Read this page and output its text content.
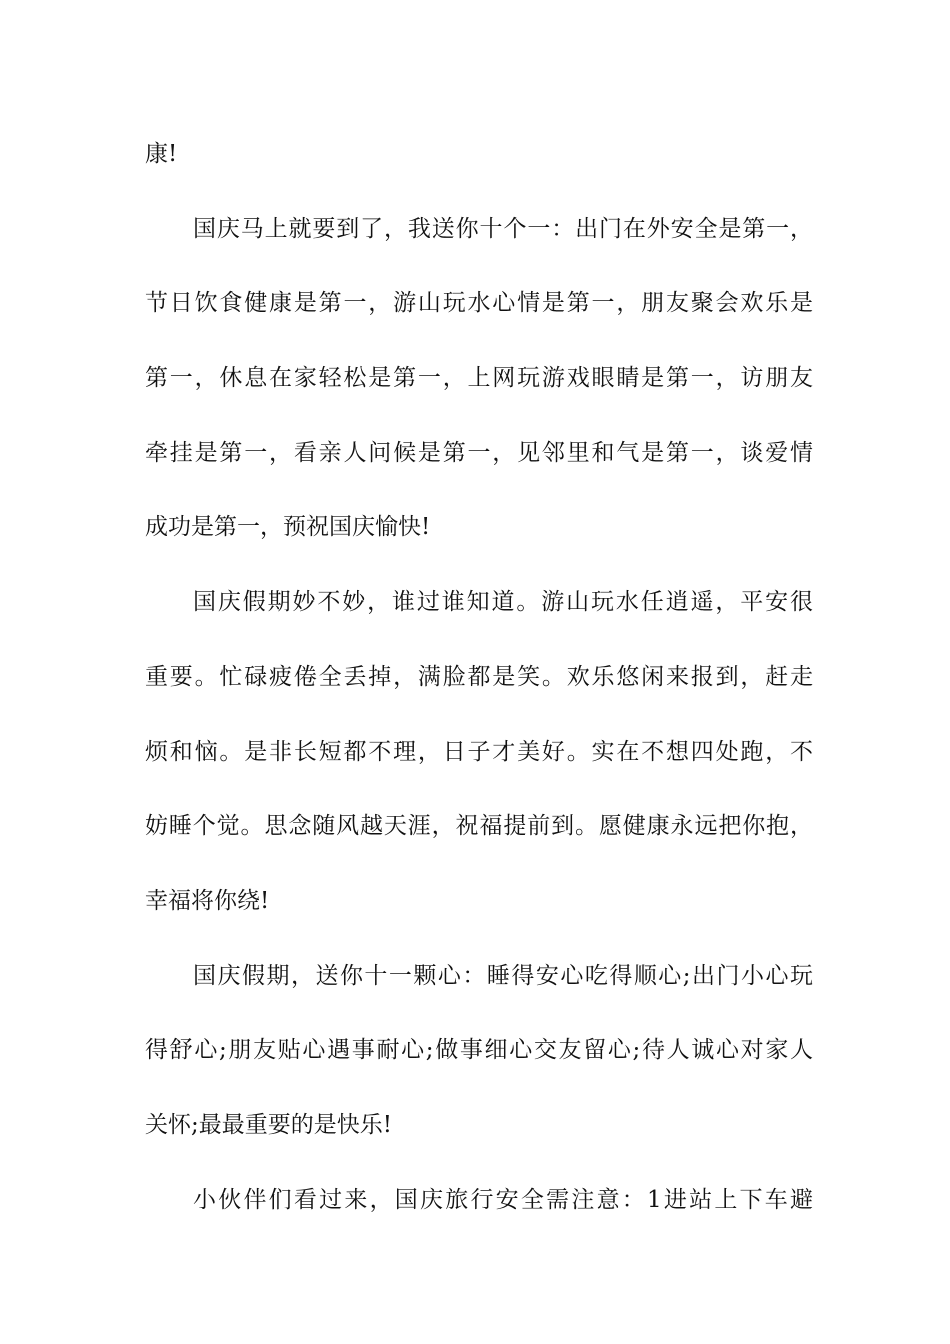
康!
国庆马上就要到了，我送你十个一：出门在外安全是第一，
节日饮食健康是第一，游山玩水心情是第一，朋友聚会欢乐是
第一，休息在家轻松是第一，上网玩游戏眼睛是第一，访朋友
牵挂是第一，看亲人问候是第一，见邻里和气是第一，谈爱情
成功是第一，预祝国庆愉快!
国庆假期妙不妙，谁过谁知道。游山玩水任逍遥，平安很
重要。忙碌疲倦全丢掉，满脸都是笑。欢乐悠闲来报到，赶走
烦和恼。是非长短都不理，日子才美好。实在不想四处跑，不
妨睡个觉。思念随风越天涯，祝福提前到。愿健康永远把你抱，
幸福将你绕!
国庆假期，送你十一颗心：睡得安心吃得顺心;出门小心玩
得舒心;朋友贴心遇事耐心;做事细心交友留心;待人诚心对家人
关怀;最最重要的是快乐!
小伙伴们看过来，国庆旅行安全需注意：1进站上下车避
